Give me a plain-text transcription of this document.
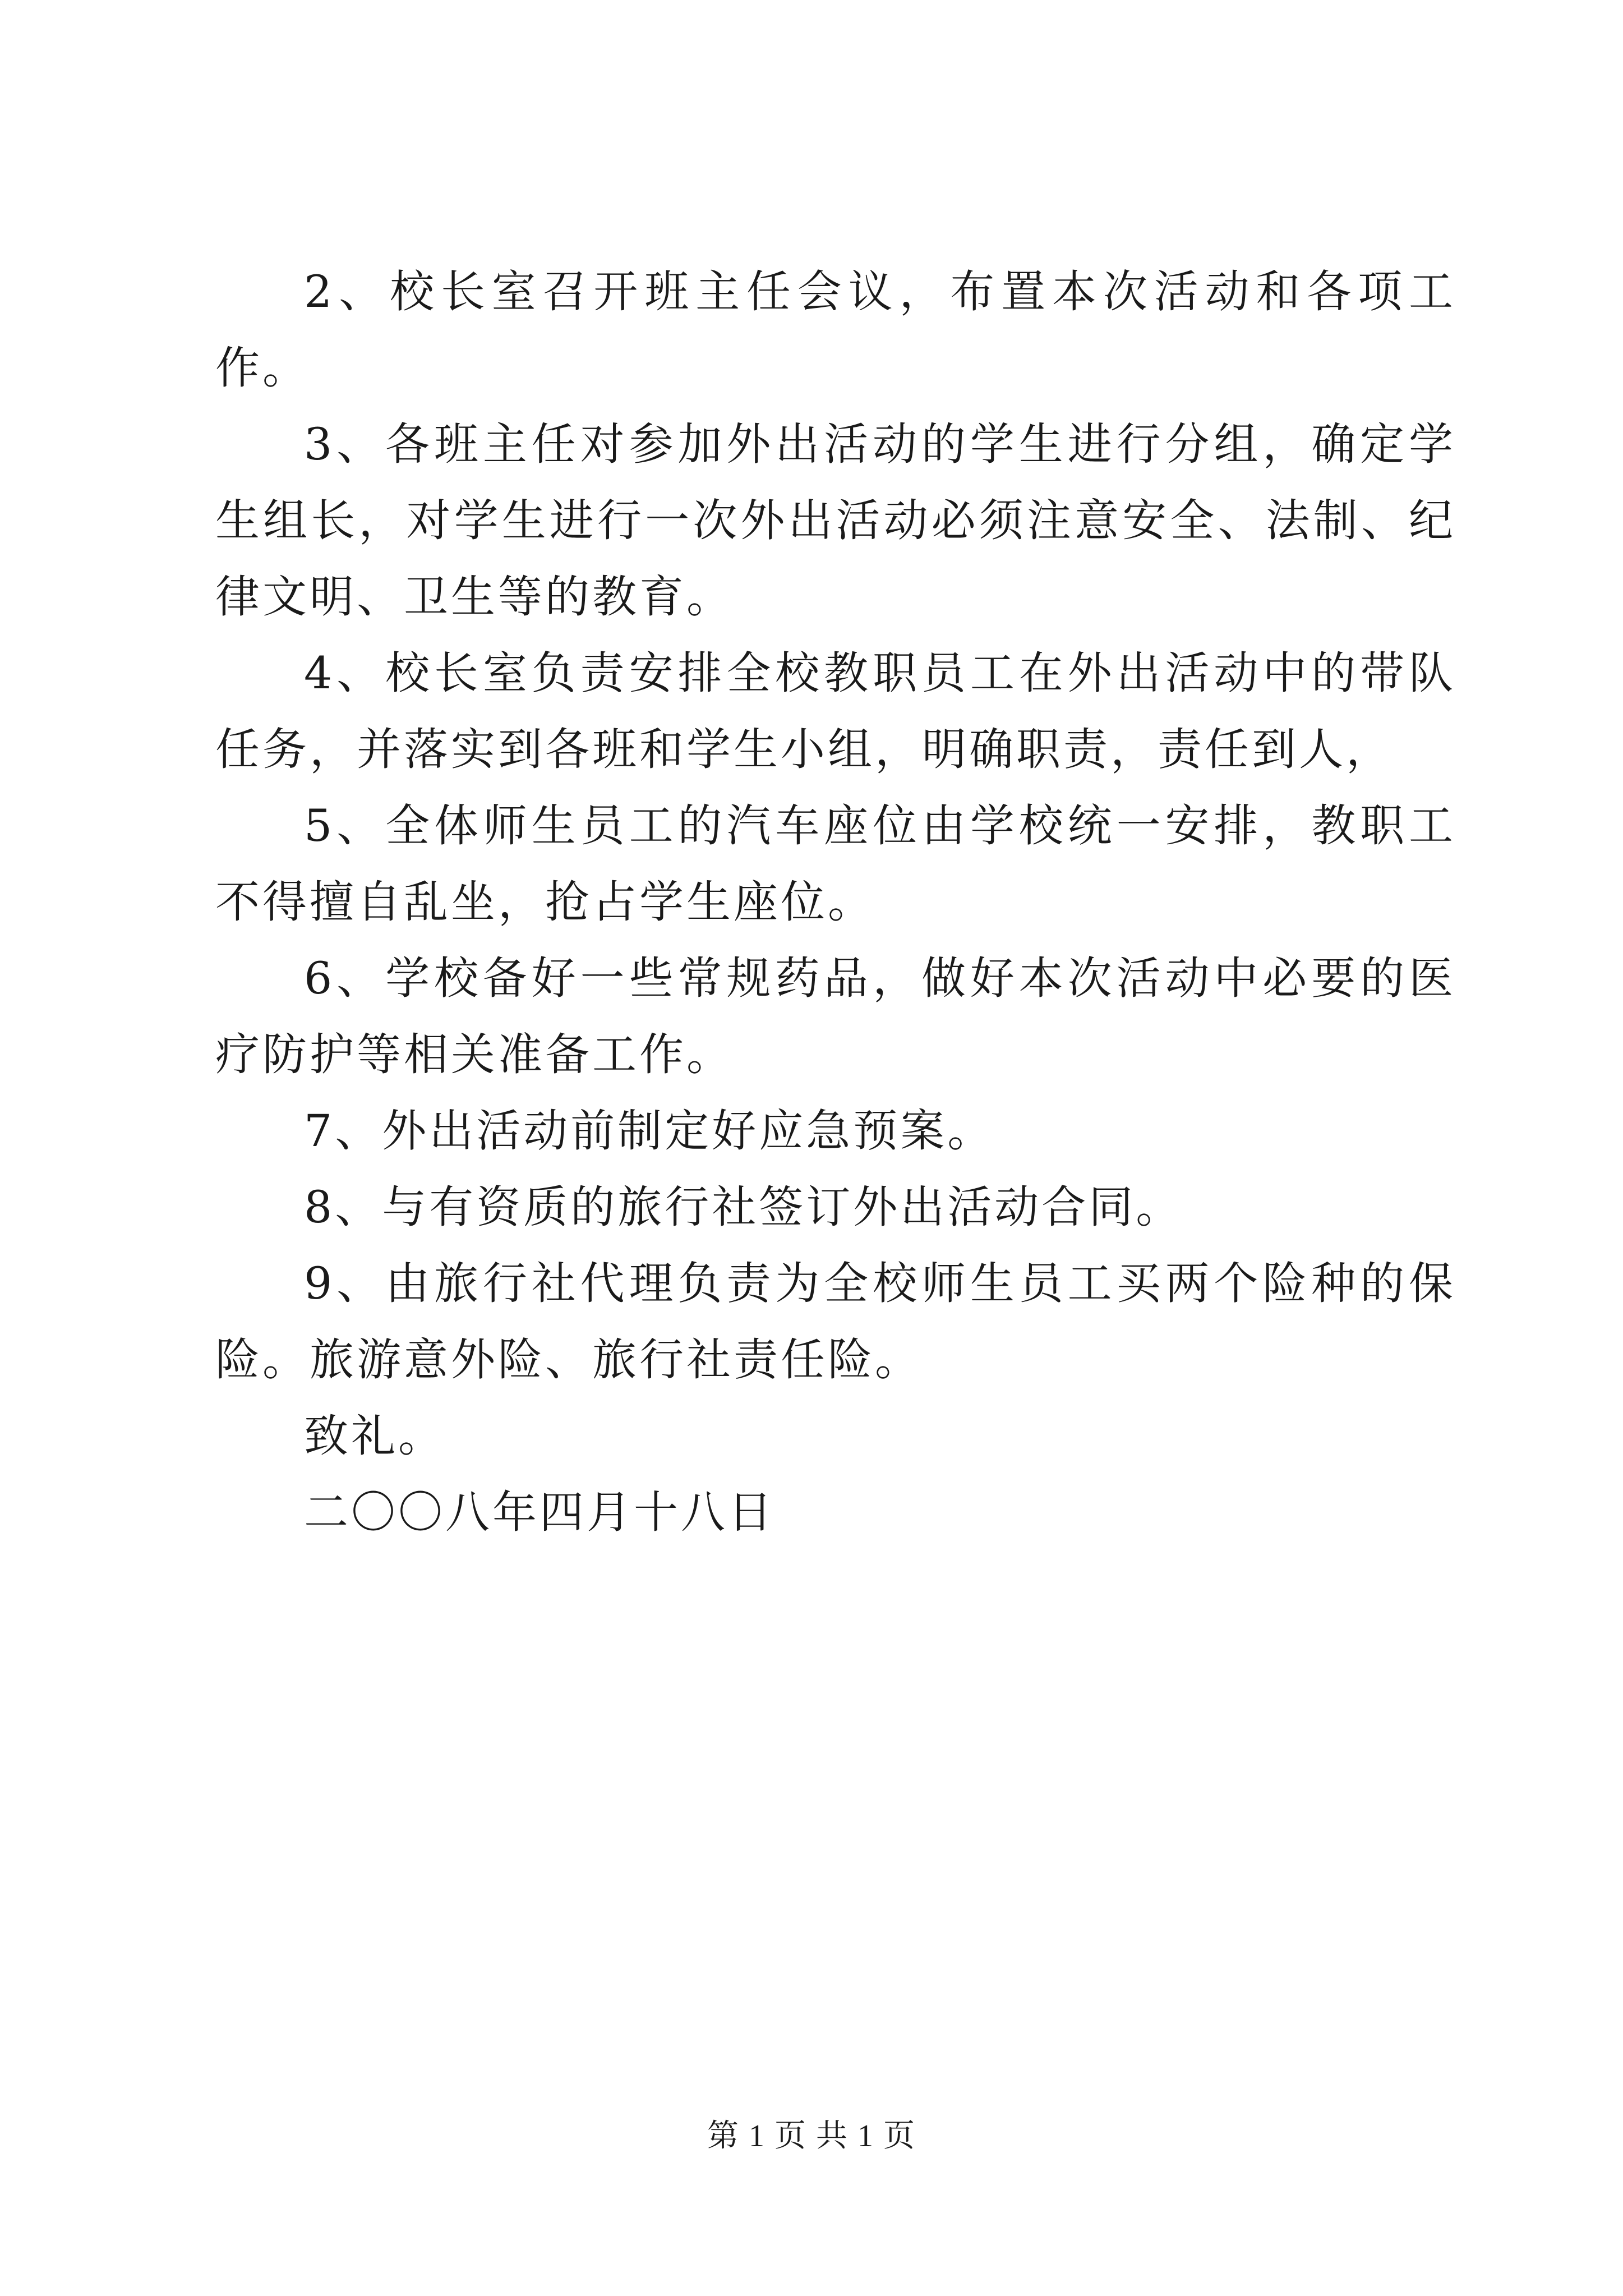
2、校长室召开班主任会议，布置本次活动和各项工作。

3、各班主任对参加外出活动的学生进行分组，确定学生组长，对学生进行一次外出活动必须注意安全、法制、纪律文明、卫生等的教育。

4、校长室负责安排全校教职员工在外出活动中的带队任务，并落实到各班和学生小组，明确职责，责任到人，

5、全体师生员工的汽车座位由学校统一安排，教职工不得擅自乱坐，抢占学生座位。

6、学校备好一些常规药品，做好本次活动中必要的医疗防护等相关准备工作。

7、外出活动前制定好应急预案。

8、与有资质的旅行社签订外出活动合同。

9、由旅行社代理负责为全校师生员工买两个险种的保险。旅游意外险、旅行社责任险。

致礼。

二〇〇八年四月十八日

第 1 页 共 1 页
